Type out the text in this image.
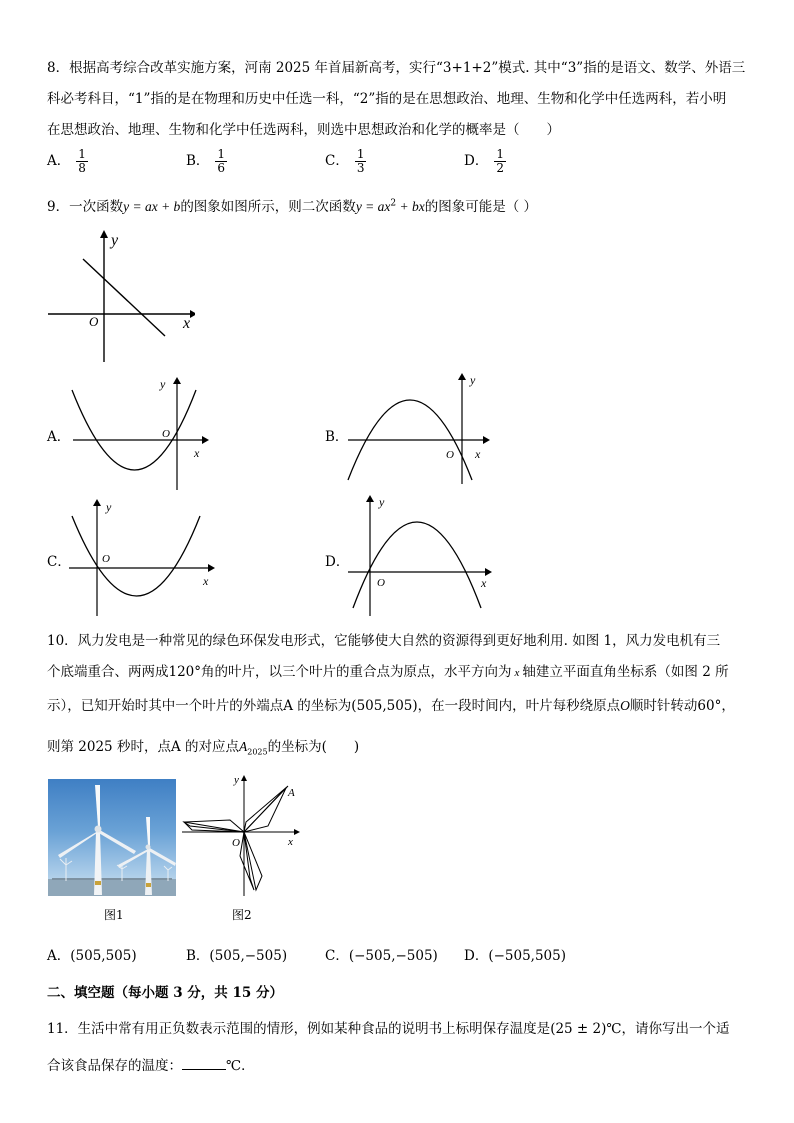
8．根据高考综合改革实施方案，河南 2025 年首届新高考，实行“3+1+2”模式. 其中“3”指的是语文、数学、外语三
科必考科目，“1”指的是在物理和历史中任选一科，“2”指的是在思想政治、地理、生物和化学中任选两科，若小明
在思想政治、地理、生物和化学中任选两科，则选中思想政治和化学的概率是（　　）
A． $\frac{1}{8}$	B． $\frac{1}{6}$	C． $\frac{1}{3}$	D． $\frac{1}{2}$
9．一次函数y = ax + b的图象如图所示，则二次函数$y = ax^2$ + bx的图象可能是（ ）
y
x
O
A．
y
x
O	B．
y
x
O
C．
y
x
O	D．
y
x
O
10．风力发电是一种常见的绿色环保发电形式，它能够使大自然的资源得到更好地利用. 如图 1，风力发电机有三
个底端重合、两两成120°角的叶片，以三个叶片的重合点为原点，水平方向为 x 轴建立平面直角坐标系（如图 2 所
示），已知开始时其中一个叶片的外端点A 的坐标为(505,505)，在一段时间内，叶片每秒绕原点O顺时针转动60°，
则第 2025 秒时，点A 的对应点$A_{2025}$的坐标为(　　)
图1
y
x
O
A
图2
A．(505,505)	B．(505,−505)	C．(−505,−505) D．(−505,505)
二、填空题（每小题 3 分，共 15 分）
11．生活中常有用正负数表示范围的情形，例如某种食品的说明书上标明保存温度是(25 ± 2)℃，请你写出一个适
合该食品保存的温度：	℃．
